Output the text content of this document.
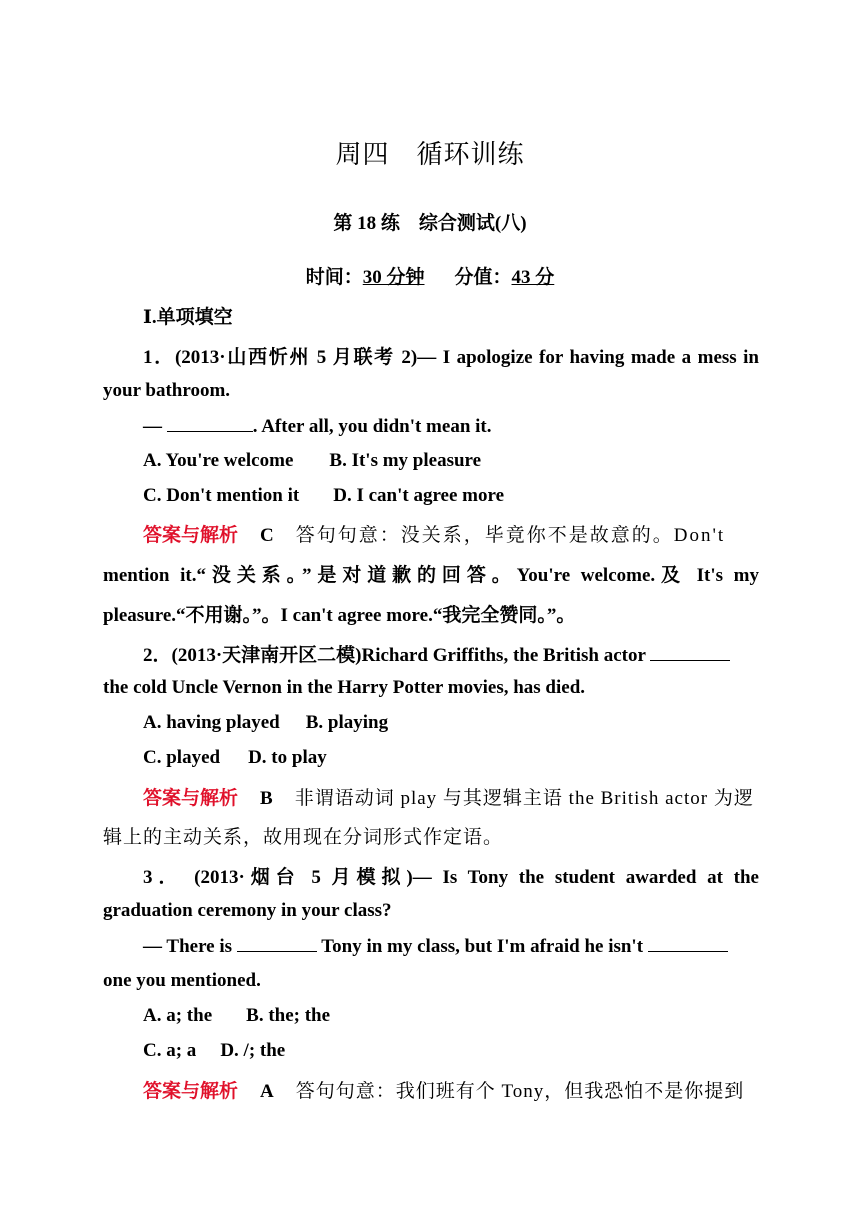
周四　循环训练
第 18 练　综合测试(八)
时间：30 分钟 分值：43 分
Ⅰ.单项填空
1．(2013·山西忻州 5 月联考 2)— I apologize for having made a mess in
your bathroom.
—	. After all, you didn't mean it.
A. You're welcome B. It's my pleasure
C. Don't mention it D. I can't agree more
答案与解析 C 答句句意：没关系，毕竟你不是故意的。Don't
mention it.“没关系。”是对道歉的回答。You're welcome.及 It's my
pleasure.“不用谢。”。I can't agree more.“我完全赞同。”。
2．(2013·天津南开区二模)Richard Griffiths, the British actor
the cold Uncle Vernon in the Harry Potter movies, has died.
A. having played B. playing
C. played D. to play
答案与解析 B 非谓语动词 play 与其逻辑主语 the British actor 为逻
辑上的主动关系，故用现在分词形式作定语。
3． (2013·烟台 5 月模拟)— Is Tony the student awarded at the
graduation ceremony in your class?
— There is	Tony in my class, but I'm afraid he isn't
one you mentioned.
A. a; the B. the; the
C. a; a D. /; the
答案与解析 A 答句句意：我们班有个 Tony，但我恐怕不是你提到
